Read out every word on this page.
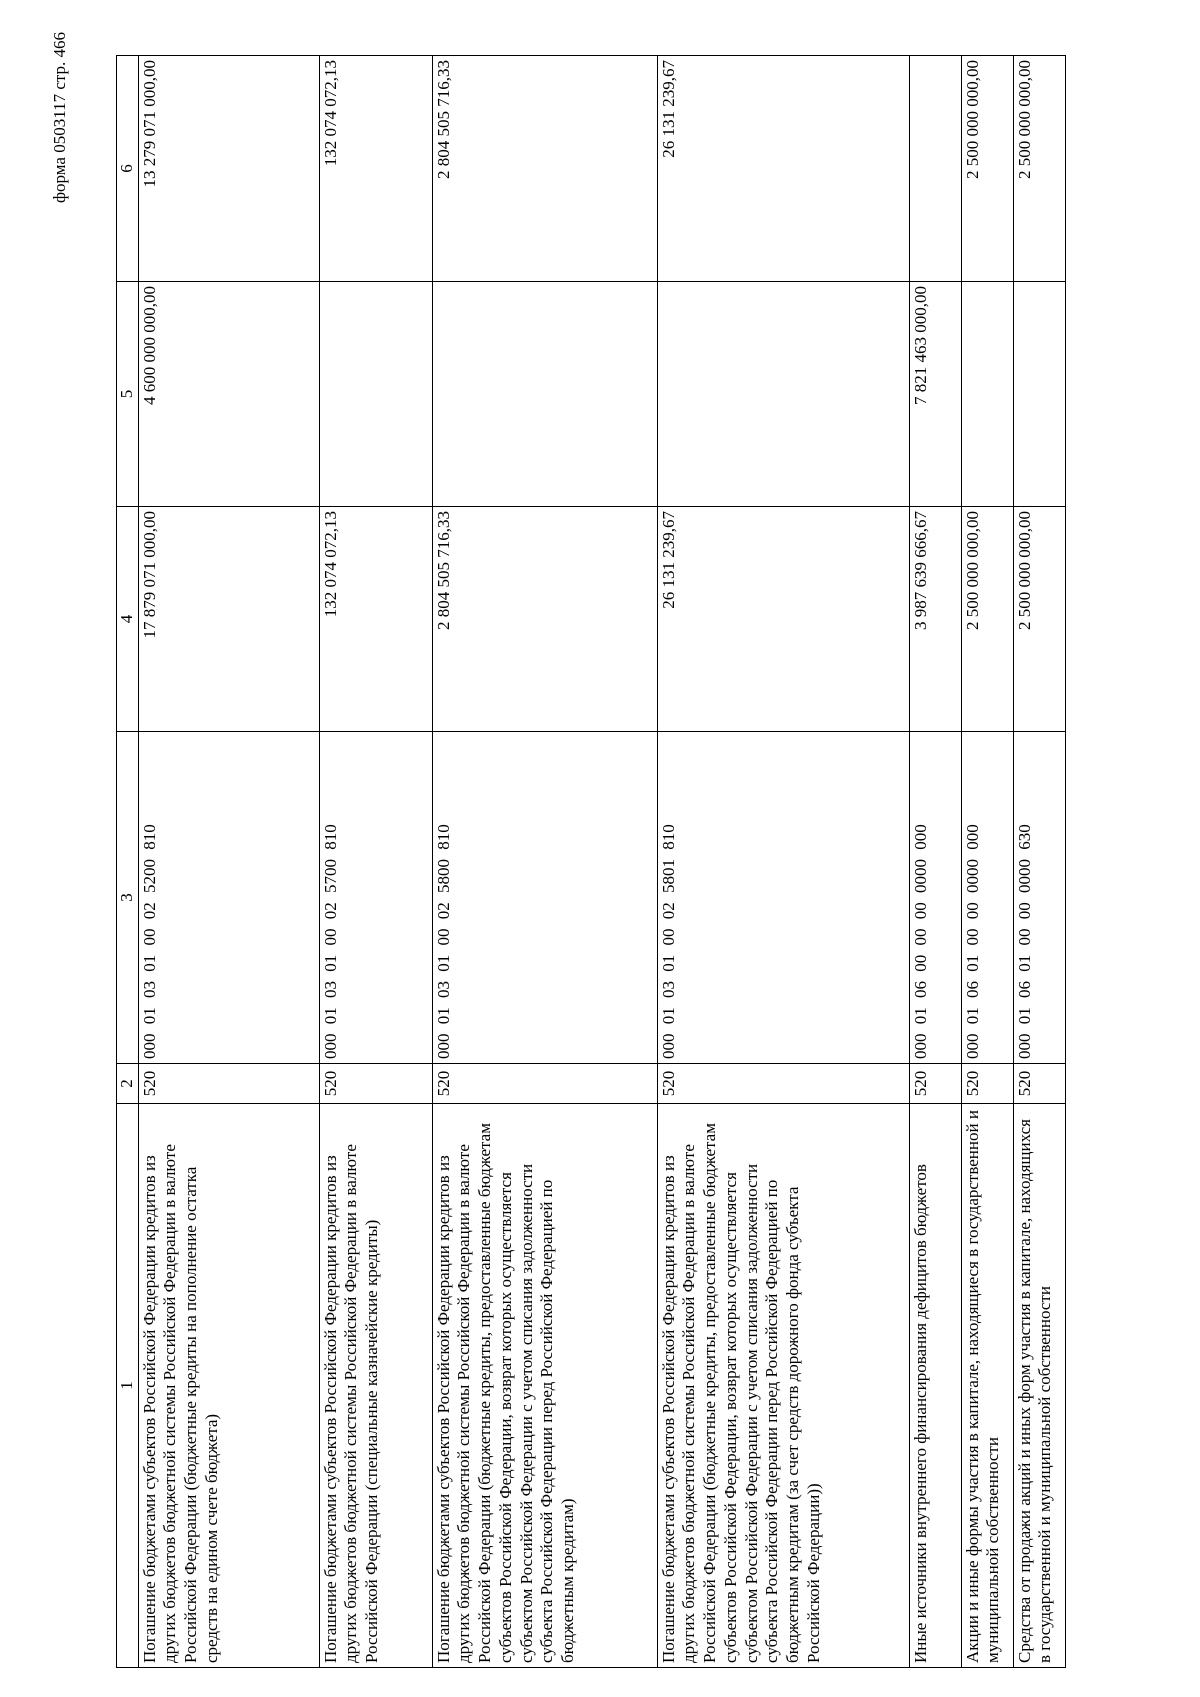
форма 0503117 стр. 466
1	2	3	4	5	6
Погашение бюджетами субъектов Российской Федерации кредитов из других бюджетов бюджетной системы Российской Федерации в валюте Российской Федерации (бюджетные кредиты на пополнение остатка средств на едином счете бюджета)	520	000 01 03 01 00 02 5200 810	17 879 071 000,00	4 600 000 000,00	13 279 071 000,00
Погашение бюджетами субъектов Российской Федерации кредитов из других бюджетов бюджетной системы Российской Федерации в валюте Российской Федерации (специальные казначейские кредиты)	520	000 01 03 01 00 02 5700 810	132 074 072,13		132 074 072,13
Погашение бюджетами субъектов Российской Федерации кредитов из других бюджетов бюджетной системы Российской Федерации в валюте Российской Федерации (бюджетные кредиты, предоставленные бюджетам субъектов Российской Федерации, возврат которых осуществляется субъектом Российской Федерации с учетом списания задолженности субъекта Российской Федерации перед Российской Федерацией по бюджетным кредитам)	520	000 01 03 01 00 02 5800 810	2 804 505 716,33		2 804 505 716,33
Погашение бюджетами субъектов Российской Федерации кредитов из других бюджетов бюджетной системы Российской Федерации в валюте Российской Федерации (бюджетные кредиты, предоставленные бюджетам субъектов Российской Федерации, возврат которых осуществляется субъектом Российской Федерации с учетом списания задолженности субъекта Российской Федерации перед Российской Федерацией по бюджетным кредитам (за счет средств дорожного фонда субъекта Российской Федерации))	520	000 01 03 01 00 02 5801 810	26 131 239,67		26 131 239,67
Иные источники внутреннего финансирования дефицитов бюджетов	520	000 01 06 00 00 00 0000 000	3 987 639 666,67	7 821 463 000,00	
Акции и иные формы участия в капитале, находящиеся в государственной и муниципальной собственности	520	000 01 06 01 00 00 0000 000	2 500 000 000,00		2 500 000 000,00
Средства от продажи акций и иных форм участия в капитале, находящихся в государственной и муниципальной собственности	520	000 01 06 01 00 00 0000 630	2 500 000 000,00		2 500 000 000,00
